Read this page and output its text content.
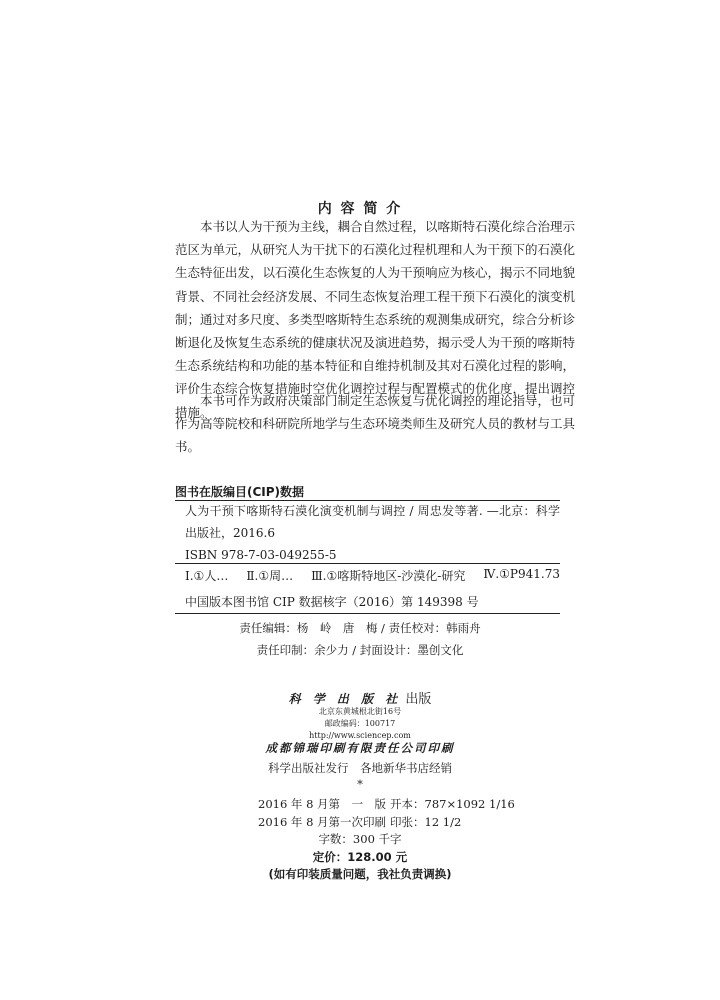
内 容 简 介
本书以人为干预为主线，耦合自然过程，以喀斯特石漠化综合治理示
范区为单元，从研究人为干扰下的石漠化过程机理和人为干预下的石漠化
生态特征出发，以石漠化生态恢复的人为干预响应为核心，揭示不同地貌
背景、不同社会经济发展、不同生态恢复治理工程干预下石漠化的演变机
制；通过对多尺度、多类型喀斯特生态系统的观测集成研究，综合分析诊
断退化及恢复生态系统的健康状况及演进趋势，揭示受人为干预的喀斯特
生态系统结构和功能的基本特征和自维持机制及其对石漠化过程的影响，
评价生态综合恢复措施时空优化调控过程与配置模式的优化度，提出调控
措施。
本书可作为政府决策部门制定生态恢复与优化调控的理论指导，也可
作为高等院校和科研院所地学与生态环境类师生及研究人员的教材与工具
书。
图书在版编目(CIP)数据
人为干预下喀斯特石漠化演变机制与调控 / 周忠发等著. —北京：科学
出版社，2016.6
ISBN 978-7-03-049255-5
Ⅰ.①人… Ⅱ.①周… Ⅲ.①喀斯特地区-沙漠化-研究 Ⅳ.①P941.73
中国版本图书馆 CIP 数据核字（2016）第 149398 号
责任编辑：杨　岭　唐　梅 / 责任校对：韩雨舟
责任印制：余少力 / 封面设计：墨创文化
科 学 出 版 社 出版
北京东黄城根北街16号
邮政编码：100717
http://www.sciencep.com
成都锦瑞印刷有限责任公司印刷
科学出版社发行　各地新华书店经销
*
2016 年 8 月第　一　版 开本：787×1092 1/16
2016 年 8 月第一次印刷 印张：12 1/2
字数：300 千字
定价：128.00 元
(如有印装质量问题，我社负责调换)
